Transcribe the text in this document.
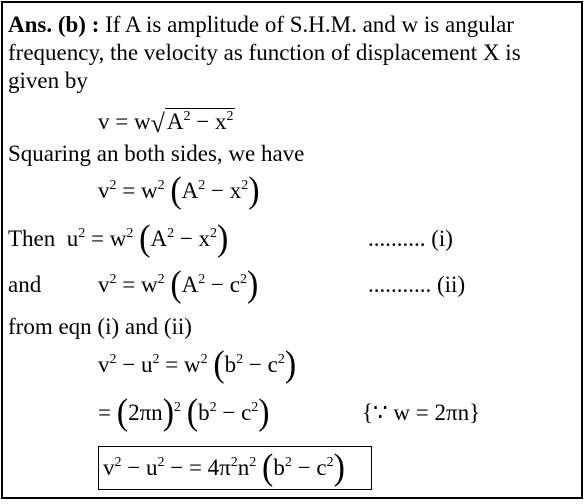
Ans. (b) : If A is amplitude of S.H.M. and w is angular
frequency, the velocity as function of displacement X is
given by
$v = w√A^2 - x^2$
Squaring an both sides, we have
$v^2 = w^2$ $(A^2 - x^2)$
Then $u^2 = w^2$ $(A^2 - x^2)$	.......... (i)
and $v^2 = w^2$ $(A^2 - c^2)$	........... (ii)
from eqn (i) and (ii)
$v^2 - u^2 = w^2$ $(b^2 - c^2)$
= $(2\pi n)^2$ $(b^2 - c^2)$	{∵ w = 2πn}
$v^2 - u^2$ − = $4\pi^2n^2$ $(b^2 - c^2)$
